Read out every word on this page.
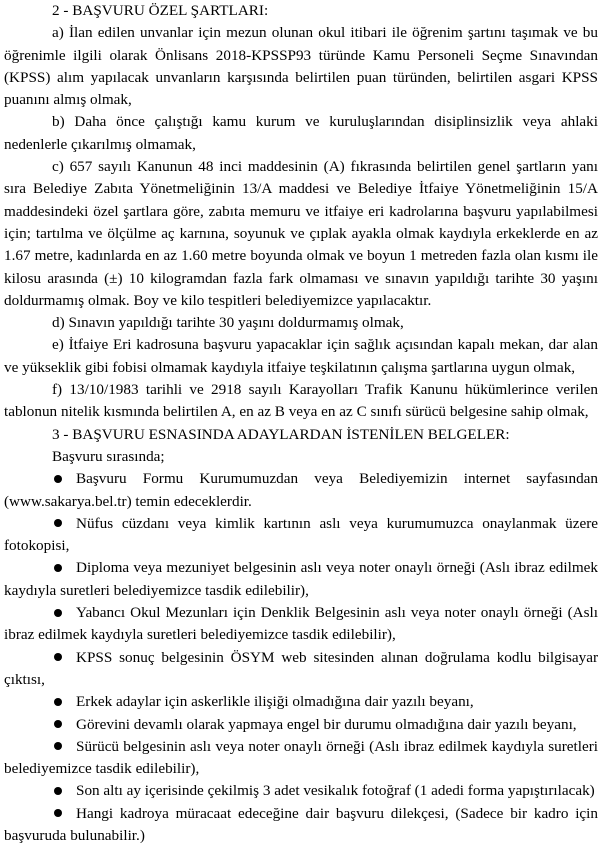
2 - BAŞVURU ÖZEL ŞARTLARI:

a) İlan edilen unvanlar için mezun olunan okul itibari ile öğrenim şartını taşımak ve bu öğrenimle ilgili olarak Önlisans 2018-KPSSP93 türünde Kamu Personeli Seçme Sınavından (KPSS) alım yapılacak unvanların karşısında belirtilen puan türünden, belirtilen asgari KPSS puanını almış olmak,

b) Daha önce çalıştığı kamu kurum ve kuruluşlarından disiplinsizlik veya ahlaki nedenlerle çıkarılmış olmamak,

c) 657 sayılı Kanunun 48 inci maddesinin (A) fıkrasında belirtilen genel şartların yanı sıra Belediye Zabıta Yönetmeliğinin 13/A maddesi ve Belediye İtfaiye Yönetmeliğinin 15/A maddesindeki özel şartlara göre, zabıta memuru ve itfaiye eri kadrolarına başvuru yapılabilmesi için; tartılma ve ölçülme aç karnına, soyunuk ve çıplak ayakla olmak kaydıyla erkeklerde en az 1.67 metre, kadınlarda en az 1.60 metre boyunda olmak ve boyun 1 metreden fazla olan kısmı ile kilosu arasında (±) 10 kilogramdan fazla fark olmaması ve sınavın yapıldığı tarihte 30 yaşını doldurmamış olmak. Boy ve kilo tespitleri belediyemizce yapılacaktır.

d) Sınavın yapıldığı tarihte 30 yaşını doldurmamış olmak,

e) İtfaiye Eri kadrosuna başvuru yapacaklar için sağlık açısından kapalı mekan, dar alan ve yükseklik gibi fobisi olmamak kaydıyla itfaiye teşkilatının çalışma şartlarına uygun olmak,

f) 13/10/1983 tarihli ve 2918 sayılı Karayolları Trafik Kanunu hükümlerince verilen tablonun nitelik kısmında belirtilen A, en az B veya en az C sınıfı sürücü belgesine sahip olmak,

3 - BAŞVURU ESNASINDA ADAYLARDAN İSTENİLEN BELGELER:

Başvuru sırasında;

Başvuru Formu Kurumumuzdan veya Belediyemizin internet sayfasından (www.sakarya.bel.tr) temin edeceklerdir.

Nüfus cüzdanı veya kimlik kartının aslı veya kurumumuzca onaylanmak üzere fotokopisi,

Diploma veya mezuniyet belgesinin aslı veya noter onaylı örneği (Aslı ibraz edilmek kaydıyla suretleri belediyemizce tasdik edilebilir),

Yabancı Okul Mezunları için Denklik Belgesinin aslı veya noter onaylı örneği (Aslı ibraz edilmek kaydıyla suretleri belediyemizce tasdik edilebilir),

KPSS sonuç belgesinin ÖSYM web sitesinden alınan doğrulama kodlu bilgisayar çıktısı,

Erkek adaylar için askerlikle ilişiği olmadığına dair yazılı beyanı,

Görevini devamlı olarak yapmaya engel bir durumu olmadığına dair yazılı beyanı,

Sürücü belgesinin aslı veya noter onaylı örneği (Aslı ibraz edilmek kaydıyla suretleri belediyemizce tasdik edilebilir),

Son altı ay içerisinde çekilmiş 3 adet vesikalık fotoğraf (1 adedi forma yapıştırılacak)

Hangi kadroya müracaat edeceğine dair başvuru dilekçesi, (Sadece bir kadro için başvuruda bulunabilir.)
